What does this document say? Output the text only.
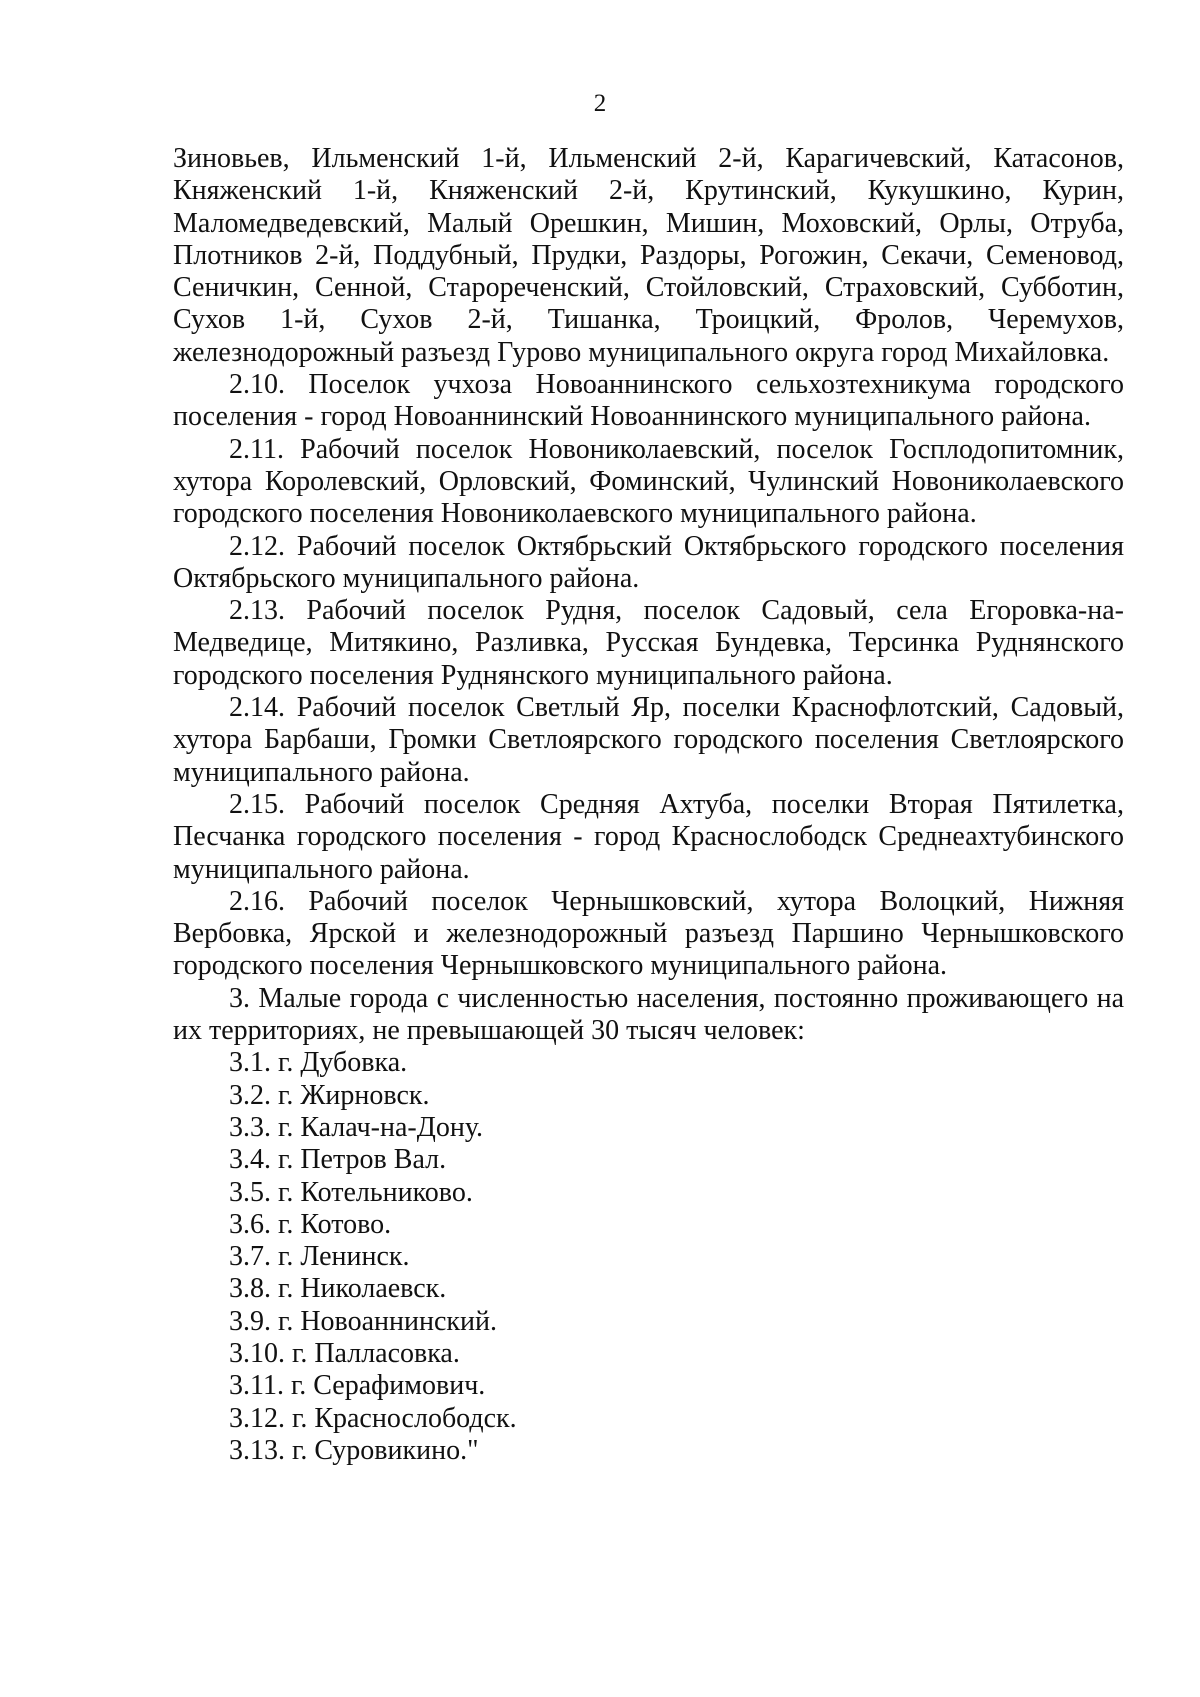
2

Зиновьев, Ильменский 1-й, Ильменский 2-й, Карагичевский, Катасонов, Княженский 1-й, Княженский 2-й, Крутинский, Кукушкино, Курин, Маломедведевский, Малый Орешкин, Мишин, Моховский, Орлы, Отруба, Плотников 2-й, Поддубный, Прудки, Раздоры, Рогожин, Секачи, Семеновод, Сеничкин, Сенной, Старореченский, Стойловский, Страховский, Субботин, Сухов 1-й, Сухов 2-й, Тишанка, Троицкий, Фролов, Черемухов, железнодорожный разъезд Гурово муниципального округа город Михайловка.

2.10. Поселок учхоза Новоаннинского сельхозтехникума городского поселения - город Новоаннинский Новоаннинского муниципального района.

2.11. Рабочий поселок Новониколаевский, поселок Госплодопитомник, хутора Королевский, Орловский, Фоминский, Чулинский Новониколаевского городского поселения Новониколаевского муниципального района.

2.12. Рабочий поселок Октябрьский Октябрьского городского поселения Октябрьского муниципального района.

2.13. Рабочий поселок Рудня, поселок Садовый, села Егоровка-на-Медведице, Митякино, Разливка, Русская Бундевка, Терсинка Руднянского городского поселения Руднянского муниципального района.

2.14. Рабочий поселок Светлый Яр, поселки Краснофлотский, Садовый, хутора Барбаши, Громки Светлоярского городского поселения Светлоярского муниципального района.

2.15. Рабочий поселок Средняя Ахтуба, поселки Вторая Пятилетка, Песчанка городского поселения - город Краснослободск Среднеахтубинского муниципального района.

2.16. Рабочий поселок Чернышковский, хутора Волоцкий, Нижняя Вербовка, Ярской и железнодорожный разъезд Паршино Чернышковского городского поселения Чернышковского муниципального района.

3. Малые города с численностью населения, постоянно проживающего на их территориях, не превышающей 30 тысяч человек:

3.1. г. Дубовка.
3.2. г. Жирновск.
3.3. г. Калач-на-Дону.
3.4. г. Петров Вал.
3.5. г. Котельниково.
3.6. г. Котово.
3.7. г. Ленинск.
3.8. г. Николаевск.
3.9. г. Новоаннинский.
3.10. г. Палласовка.
3.11. г. Серафимович.
3.12. г. Краснослободск.
3.13. г. Суровикино."
